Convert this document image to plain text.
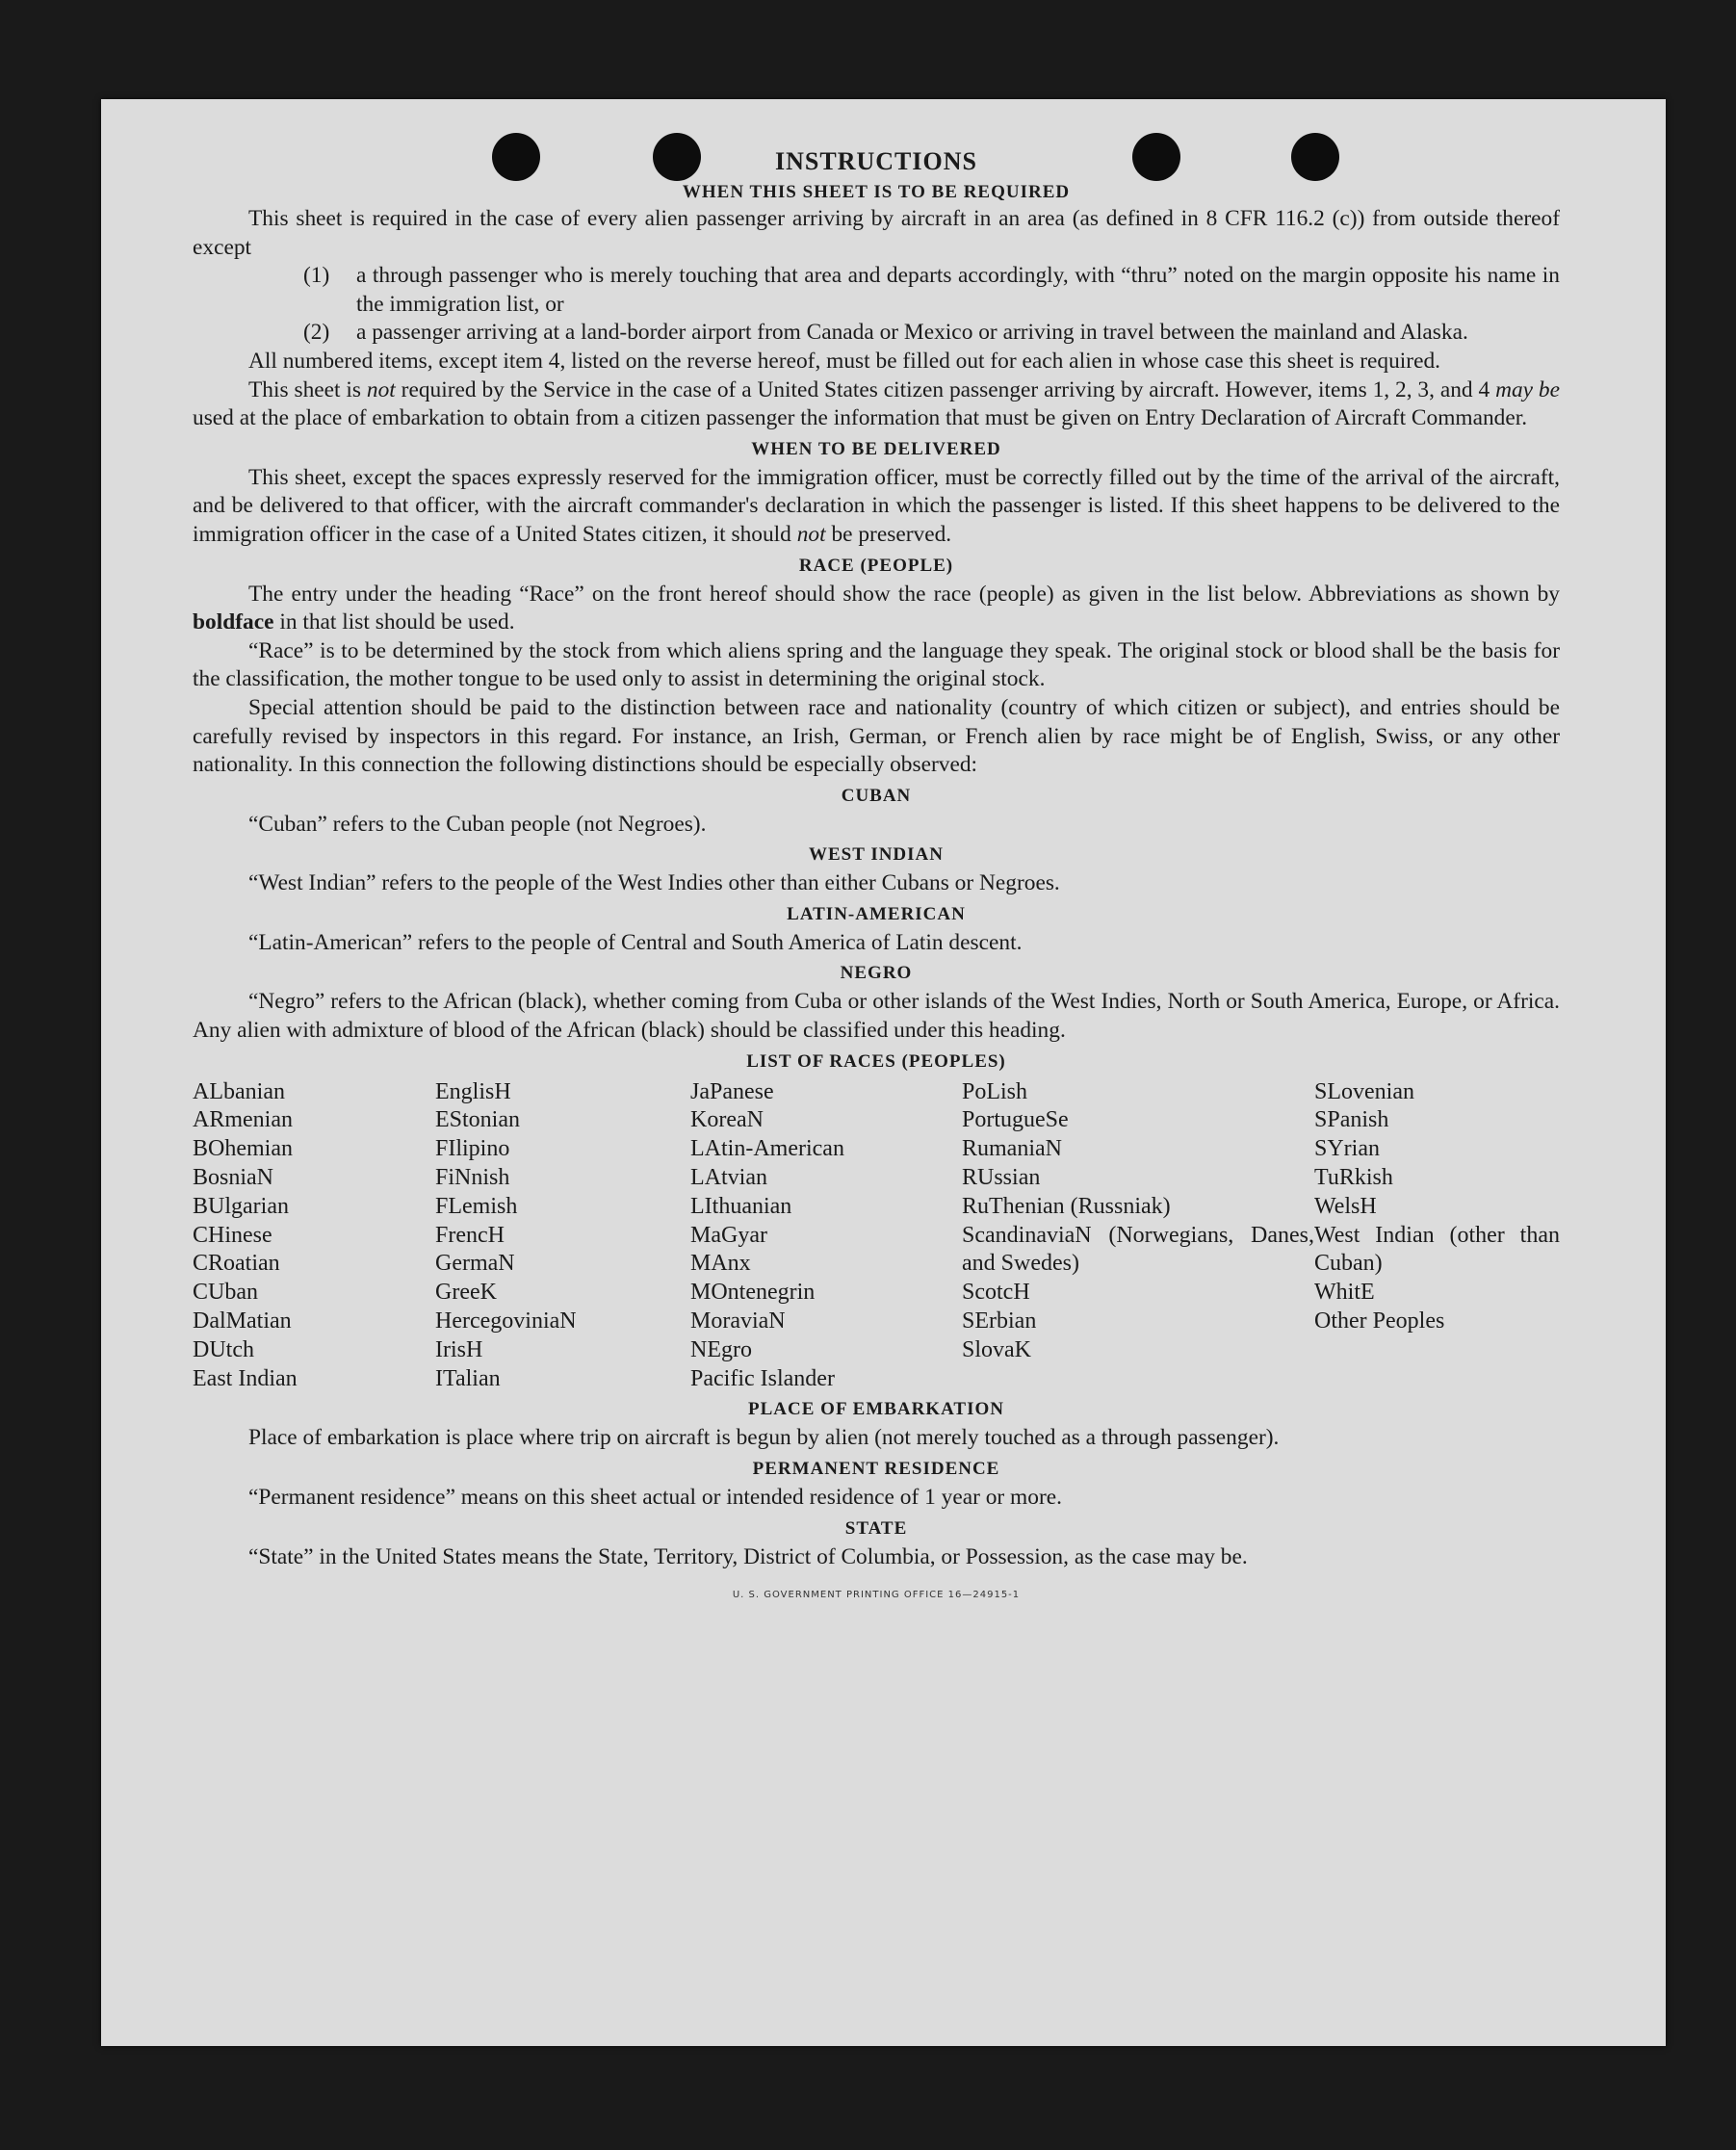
INSTRUCTIONS
WHEN THIS SHEET IS TO BE REQUIRED

This sheet is required in the case of every alien passenger arriving by aircraft in an area (as defined in 8 CFR 116.2 (c)) from outside thereof except

(1) a through passenger who is merely touching that area and departs accordingly, with “thru” noted on the margin opposite his name in the immigration list, or

(2) a passenger arriving at a land-border airport from Canada or Mexico or arriving in travel between the mainland and Alaska.

All numbered items, except item 4, listed on the reverse hereof, must be filled out for each alien in whose case this sheet is required.

This sheet is not required by the Service in the case of a United States citizen passenger arriving by aircraft. However, items 1, 2, 3, and 4 may be used at the place of embarkation to obtain from a citizen passenger the information that must be given on Entry Declaration of Aircraft Commander.

WHEN TO BE DELIVERED

This sheet, except the spaces expressly reserved for the immigration officer, must be correctly filled out by the time of the arrival of the aircraft, and be delivered to that officer, with the aircraft commander's declaration in which the passenger is listed. If this sheet happens to be delivered to the immigration officer in the case of a United States citizen, it should not be preserved.

RACE (PEOPLE)

The entry under the heading “Race” on the front hereof should show the race (people) as given in the list below. Abbreviations as shown by boldface in that list should be used.

“Race” is to be determined by the stock from which aliens spring and the language they speak. The original stock or blood shall be the basis for the classification, the mother tongue to be used only to assist in determining the original stock.

Special attention should be paid to the distinction between race and nationality (country of which citizen or subject), and entries should be carefully revised by inspectors in this regard. For instance, an Irish, German, or French alien by race might be of English, Swiss, or any other nationality. In this connection the following distinctions should be especially observed:

CUBAN

“Cuban” refers to the Cuban people (not Negroes).

WEST INDIAN

“West Indian” refers to the people of the West Indies other than either Cubans or Negroes.

LATIN-AMERICAN

“Latin-American” refers to the people of Central and South America of Latin descent.

NEGRO

“Negro” refers to the African (black), whether coming from Cuba or other islands of the West Indies, North or South America, Europe, or Africa. Any alien with admixture of blood of the African (black) should be classified under this heading.

LIST OF RACES (PEOPLES)
ALbanian
ARmenian
BOhemian
BosniaN
BUlgarian
CHinese
CRoatian
CUban
DalMatian
DUtch
East Indian
EnglisH
EStonian
FIlipino
FiNnish
FLemish
FrencH
GermaN
GreeK
HercegoviniaN
IrisH
ITalian
JaPanese
KoreaN
LAtin-American
LAtvian
LIthuanian
MaGyar
MAnx
MOntenegrin
MoraviaN
NEgro
Pacific Islander
PoLish
PortugueSe
RumaniaN
RUssian
RuThenian (Russniak)
ScandinaviaN (Norwegians, Danes, and Swedes)
ScotcH
SErbian
SlovaK
SLovenian
SPanish
SYrian
TuRkish
WelsH
West Indian (other than Cuban)
WhitE
Other Peoples
PLACE OF EMBARKATION

Place of embarkation is place where trip on aircraft is begun by alien (not merely touched as a through passenger).

PERMANENT RESIDENCE

“Permanent residence” means on this sheet actual or intended residence of 1 year or more.

STATE

“State” in the United States means the State, Territory, District of Columbia, or Possession, as the case may be.

U. S. GOVERNMENT PRINTING OFFICE 16—24915-1
